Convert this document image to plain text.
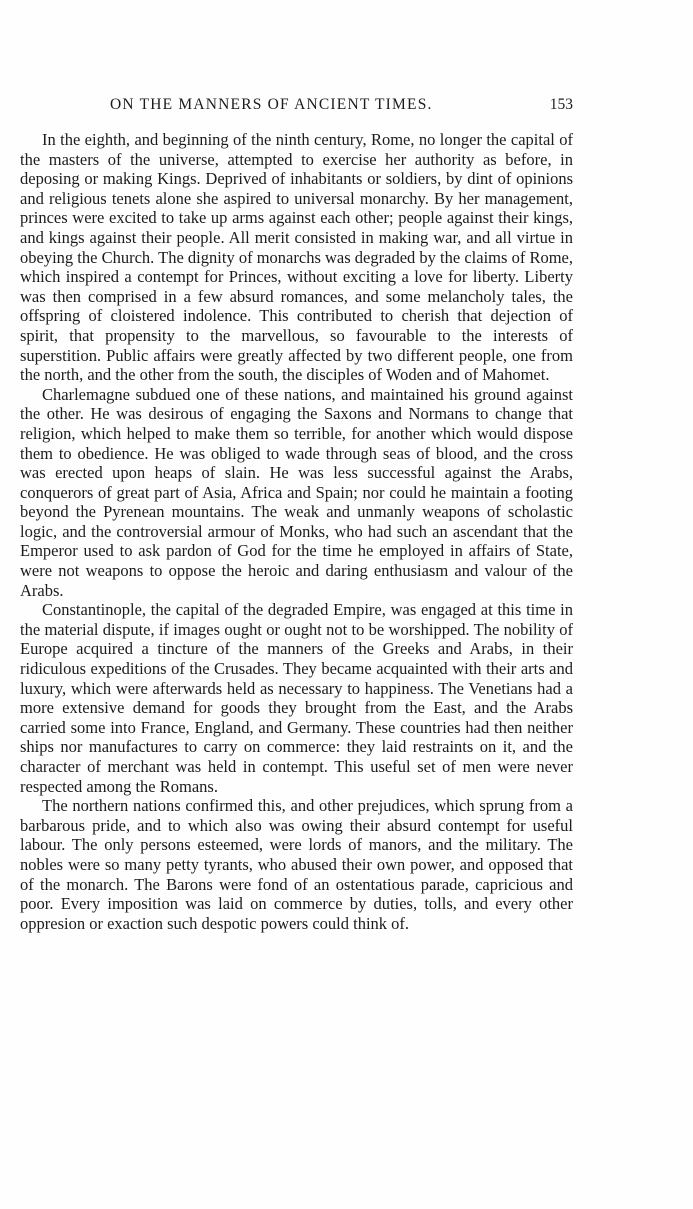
ON THE MANNERS OF ANCIENT TIMES.	153

In the eighth, and beginning of the ninth century, Rome, no longer the capital of the masters of the universe, attempted to exercise her authority as before, in deposing or making Kings. Deprived of inhabitants or soldiers, by dint of opinions and religious tenets alone she aspired to universal monarchy. By her management, princes were excited to take up arms against each other; people against their kings, and kings against their people. All merit consisted in making war, and all virtue in obeying the Church. The dignity of monarchs was degraded by the claims of Rome, which inspired a contempt for Princes, without exciting a love for liberty. Liberty was then comprised in a few absurd romances, and some melancholy tales, the offspring of cloistered indolence. This contributed to cherish that dejection of spirit, that propensity to the marvellous, so favourable to the interests of superstition. Public affairs were greatly affected by two different people, one from the north, and the other from the south, the disciples of Woden and of Mahomet.

Charlemagne subdued one of these nations, and maintained his ground against the other. He was desirous of engaging the Saxons and Normans to change that religion, which helped to make them so terrible, for another which would dispose them to obedience. He was obliged to wade through seas of blood, and the cross was erected upon heaps of slain. He was less successful against the Arabs, conquerors of great part of Asia, Africa and Spain; nor could he maintain a footing beyond the Pyrenean mountains. The weak and unmanly weapons of scholastic logic, and the controversial armour of Monks, who had such an ascendant that the Emperor used to ask pardon of God for the time he employed in affairs of State, were not weapons to oppose the heroic and daring enthusiasm and valour of the Arabs.

Constantinople, the capital of the degraded Empire, was engaged at this time in the material dispute, if images ought or ought not to be worshipped. The nobility of Europe acquired a tincture of the manners of the Greeks and Arabs, in their ridiculous expeditions of the Crusades. They became acquainted with their arts and luxury, which were afterwards held as necessary to happiness. The Venetians had a more extensive demand for goods they brought from the East, and the Arabs carried some into France, England, and Germany. These countries had then neither ships nor manufactures to carry on commerce: they laid restraints on it, and the character of merchant was held in contempt. This useful set of men were never respected among the Romans.

The northern nations confirmed this, and other prejudices, which sprung from a barbarous pride, and to which also was owing their absurd contempt for useful labour. The only persons esteemed, were lords of manors, and the military. The nobles were so many petty tyrants, who abused their own power, and opposed that of the monarch. The Barons were fond of an ostentatious parade, capricious and poor. Every imposition was laid on commerce by duties, tolls, and every other oppresion or exaction such despotic powers could think of.
